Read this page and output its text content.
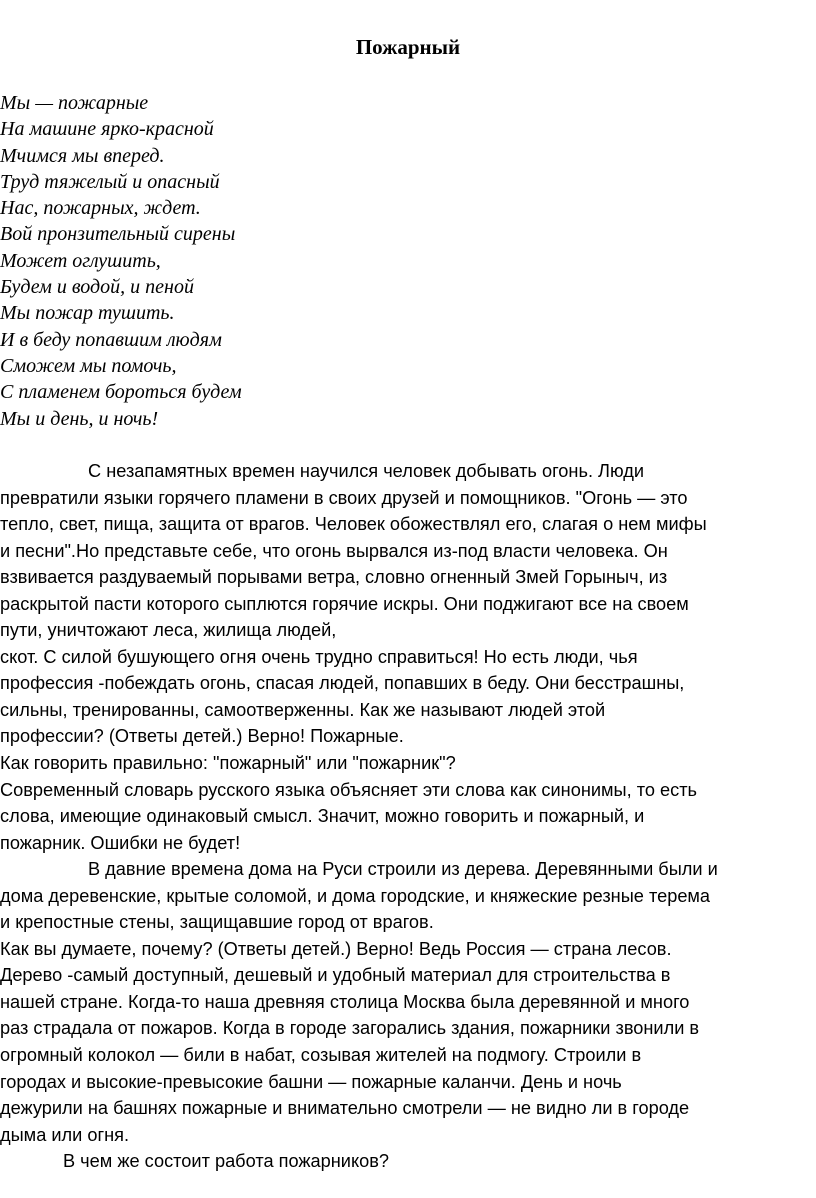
Пожарный
Мы — пожарные
На машине ярко-красной
Мчимся мы вперед.
Труд тяжелый и опасный
Нас, пожарных, ждет.
Вой пронзительный сирены
Может оглушить,
Будем и водой, и пеной
Мы пожар тушить.
И в беду попавшим людям
Сможем мы помочь,
С пламенем бороться будем
Мы и день, и ночь!
С незапамятных времен научился человек добывать огонь. Люди
превратили языки горячего пламени в своих друзей и помощников. "Огонь — это
тепло, свет, пища, защита от врагов. Человек обожествлял его, слагая о нем мифы
и песни".Но представьте себе, что огонь вырвался из-под власти человека. Он
взвивается раздуваемый порывами ветра, словно огненный Змей Горыныч, из
раскрытой пасти которого сыплются горячие искры. Они поджигают все на своем
пути, уничтожают леса, жилища людей,
скот. С силой бушующего огня очень трудно справиться! Но есть люди, чья
профессия -побеждать огонь, спасая людей, попавших в беду. Они бесстрашны,
сильны, тренированны, самоотверженны. Как же называют людей этой
профессии? (Ответы детей.) Верно! Пожарные.
Как говорить правильно: "пожарный" или "пожарник"?
Современный словарь русского языка объясняет эти слова как синонимы, то есть
слова, имеющие одинаковый смысл. Значит, можно говорить и пожарный, и
пожарник. Ошибки не будет!
В давние времена дома на Руси строили из дерева. Деревянными были и
дома деревенские, крытые соломой, и дома городские, и княжеские резные терема
и крепостные стены, защищавшие город от врагов.
Как вы думаете, почему? (Ответы детей.) Верно! Ведь Россия — страна лесов.
Дерево -самый доступный, дешевый и удобный материал для строительства в
нашей стране. Когда-то наша древняя столица Москва была деревянной и много
раз страдала от пожаров. Когда в городе загорались здания, пожарники звонили в
огромный колокол — били в набат, созывая жителей на подмогу. Строили в
городах и высокие-превысокие башни — пожарные каланчи. День и ночь
дежурили на башнях пожарные и внимательно смотрели — не видно ли в городе
дыма или огня.
В чем же состоит работа пожарников?
